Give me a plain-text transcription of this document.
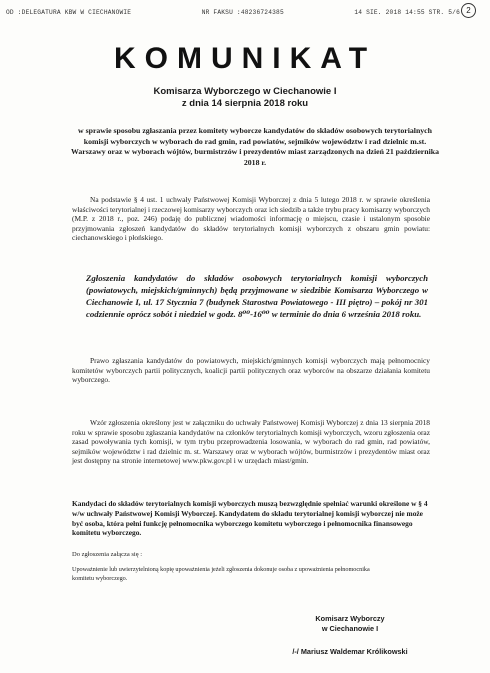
OD :DELEGATURA KBW W CIECHANOWIE	NR FAKSU :48236724385	14 SIE. 2018 14:55 STR. 5/6 2
KOMUNIKAT
Komisarza Wyborczego w Ciechanowie I
z dnia 14 sierpnia 2018 roku
w sprawie sposobu zgłaszania przez komitety wyborcze kandydatów do składów osobowych terytorialnych komisji wyborczych w wyborach do rad gmin, rad powiatów, sejmików województw i rad dzielnic m.st. Warszawy oraz w wyborach wójtów, burmistrzów i prezydentów miast zarządzonych na dzień 21 października 2018 r.

Na podstawie § 4 ust. 1 uchwały Państwowej Komisji Wyborczej z dnia 5 lutego 2018 r. w sprawie określenia właściwości terytorialnej i rzeczowej komisarzy wyborczych oraz ich siedzib a także trybu pracy komisarzy wyborczych (M.P. z 2018 r., poz. 246) podaję do publicznej wiadomości informację o miejscu, czasie i ustalonym sposobie przyjmowania zgłoszeń kandydatów do składów terytorialnych komisji wyborczych z obszaru gmin powiatu: ciechanowskiego i płońskiego.

Zgłoszenia kandydatów do składów osobowych terytorialnych komisji wyborczych (powiatowych, miejskich/gminnych) będą przyjmowane w siedzibie Komisarza Wyborczego w Ciechanowie I, ul. 17 Stycznia 7 (budynek Starostwa Powiatowego - III piętro) – pokój nr 301 codziennie oprócz sobót i niedziel w godz. 8⁰⁰-16⁰⁰ w terminie do dnia 6 września 2018 roku.

Prawo zgłaszania kandydatów do powiatowych, miejskich/gminnych komisji wyborczych mają pełnomocnicy komitetów wyborczych partii politycznych, koalicji partii politycznych oraz wyborców na obszarze działania komitetu wyborczego.

Wzór zgłoszenia określony jest w załączniku do uchwały Państwowej Komisji Wyborczej z dnia 13 sierpnia 2018 roku w sprawie sposobu zgłaszania kandydatów na członków terytorialnych komisji wyborczych, wzoru zgłoszenia oraz zasad powoływania tych komisji, w tym trybu przeprowadzenia losowania, w wyborach do rad gmin, rad powiatów, sejmików województw i rad dzielnic m. st. Warszawy oraz w wyborach wójtów, burmistrzów i prezydentów miast oraz jest dostępny na stronie internetowej www.pkw.gov.pl i w urzędach miast/gmin.

Kandydaci do składów terytorialnych komisji wyborczych muszą bezwzględnie spełniać warunki określone w § 4 w/w uchwały Państwowej Komisji Wyborczej. Kandydatem do składu terytorialnej komisji wyborczej nie może być osoba, która pełni funkcję pełnomocnika wyborczego komitetu wyborczego i pełnomocnika finansowego komitetu wyborczego.

Do zgłoszenia załącza się :
Upoważnienie lub uwierzytelnioną kopię upoważnienia jeżeli zgłoszenia dokonuje osoba z upoważnienia pełnomocnika komitetu wyborczego.
Komisarz Wyborczy
w Ciechanowie I
/-/ Mariusz Waldemar Królikowski
